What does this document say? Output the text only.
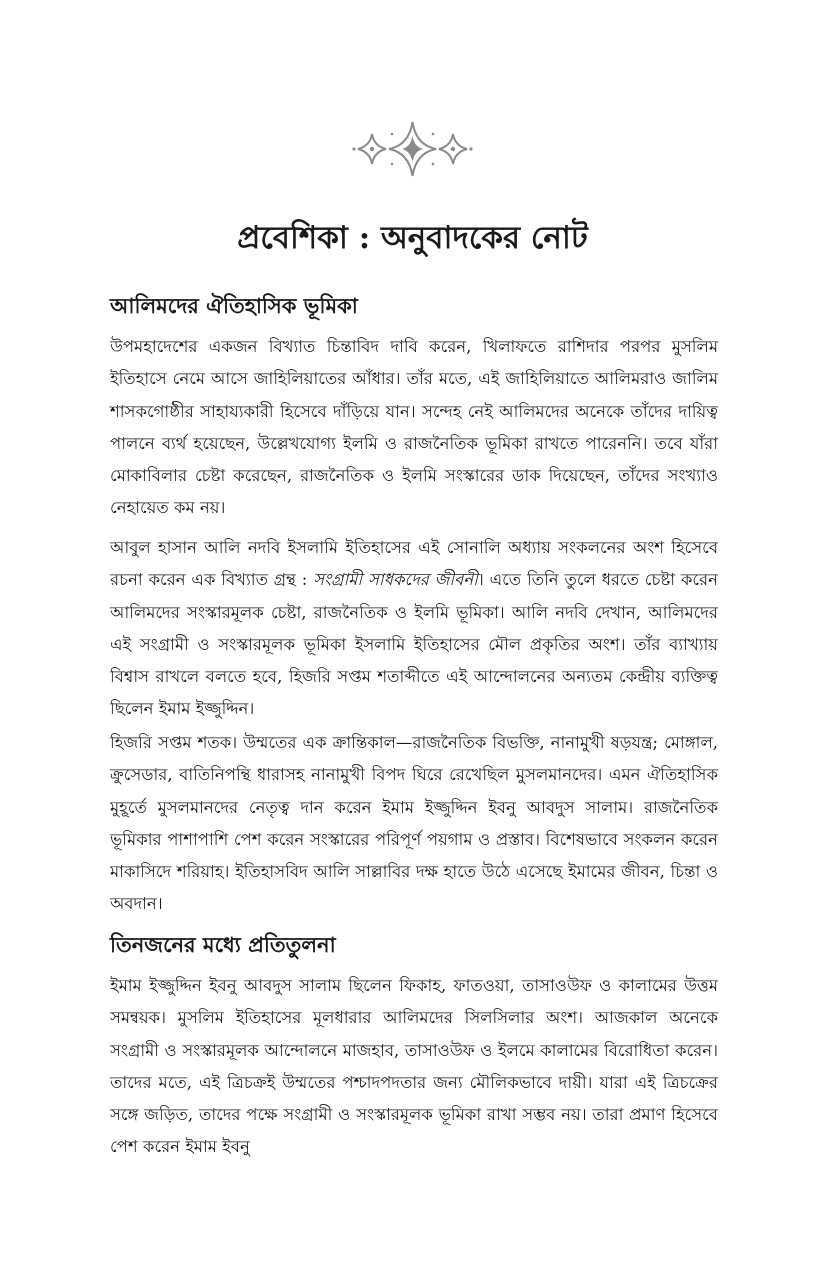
প্রবেশিকা : অনুবাদকের নোট
আলিমদের ঐতিহাসিক ভূমিকা

উপমহাদেশের একজন বিখ্যাত চিন্তাবিদ দাবি করেন, খিলাফতে রাশিদার পরপর মুসলিম ইতিহাসে নেমে আসে জাহিলিয়াতের আঁধার। তাঁর মতে, এই জাহিলিয়াতে আলিমরাও জালিম শাসকগোষ্ঠীর সাহায্যকারী হিসেবে দাঁড়িয়ে যান। সন্দেহ নেই আলিমদের অনেকে তাঁদের দায়িত্ব পালনে ব্যর্থ হয়েছেন, উল্লেখযোগ্য ইলমি ও রাজনৈতিক ভূমিকা রাখতে পারেননি। তবে যাঁরা মোকাবিলার চেষ্টা করেছেন, রাজনৈতিক ও ইলমি সংস্কারের ডাক দিয়েছেন, তাঁদের সংখ্যাও নেহায়েত কম নয়।

আবুল হাসান আলি নদবি ইসলামি ইতিহাসের এই সোনালি অধ্যায় সংকলনের অংশ হিসেবে রচনা করেন এক বিখ্যাত গ্রন্থ : সংগ্রামী সাধকদের জীবনী। এতে তিনি তুলে ধরতে চেষ্টা করেন আলিমদের সংস্কারমূলক চেষ্টা, রাজনৈতিক ও ইলমি ভূমিকা। আলি নদবি দেখান, আলিমদের এই সংগ্রামী ও সংস্কারমূলক ভূমিকা ইসলামি ইতিহাসের মৌল প্রকৃতির অংশ। তাঁর ব্যাখ্যায় বিশ্বাস রাখলে বলতে হবে, হিজরি সপ্তম শতাব্দীতে এই আন্দোলনের অন্যতম কেন্দ্রীয় ব্যক্তিত্ব ছিলেন ইমাম ইজ্জুদ্দিন।

হিজরি সপ্তম শতক। উম্মতের এক ক্রান্তিকাল—রাজনৈতিক বিভক্তি, নানামুখী ষড়যন্ত্র; মোঙ্গাল, ক্রুসেডার, বাতিনিপন্থি ধারাসহ নানামুখী বিপদ ঘিরে রেখেছিল মুসলমানদের। এমন ঐতিহাসিক মুহূর্তে মুসলমানদের নেতৃত্ব দান করেন ইমাম ইজ্জুদ্দিন ইবনু আবদুস সালাম। রাজনৈতিক ভূমিকার পাশাপাশি পেশ করেন সংস্কারের পরিপূর্ণ পয়গাম ও প্রস্তাব। বিশেষভাবে সংকলন করেন মাকাসিদে শরিয়াহ। ইতিহাসবিদ আলি সাল্লাবির দক্ষ হাতে উঠে এসেছে ইমামের জীবন, চিন্তা ও অবদান।

তিনজনের মধ্যে প্রতিতুলনা

ইমাম ইজ্জুদ্দিন ইবনু আবদুস সালাম ছিলেন ফিকাহ, ফাতওয়া, তাসাওউফ ও কালামের উত্তম সমন্বয়ক। মুসলিম ইতিহাসের মূলধারার আলিমদের সিলসিলার অংশ। আজকাল অনেকে সংগ্রামী ও সংস্কারমূলক আন্দোলনে মাজহাব, তাসাওউফ ও ইলমে কালামের বিরোধিতা করেন। তাদের মতে, এই ত্রিচক্রই উম্মতের পশ্চাদপদতার জন্য মৌলিকভাবে দায়ী। যারা এই ত্রিচক্রের সঙ্গে জড়িত, তাদের পক্ষে সংগ্রামী ও সংস্কারমূলক ভূমিকা রাখা সম্ভব নয়। তারা প্রমাণ হিসেবে পেশ করেন ইমাম ইবনু
